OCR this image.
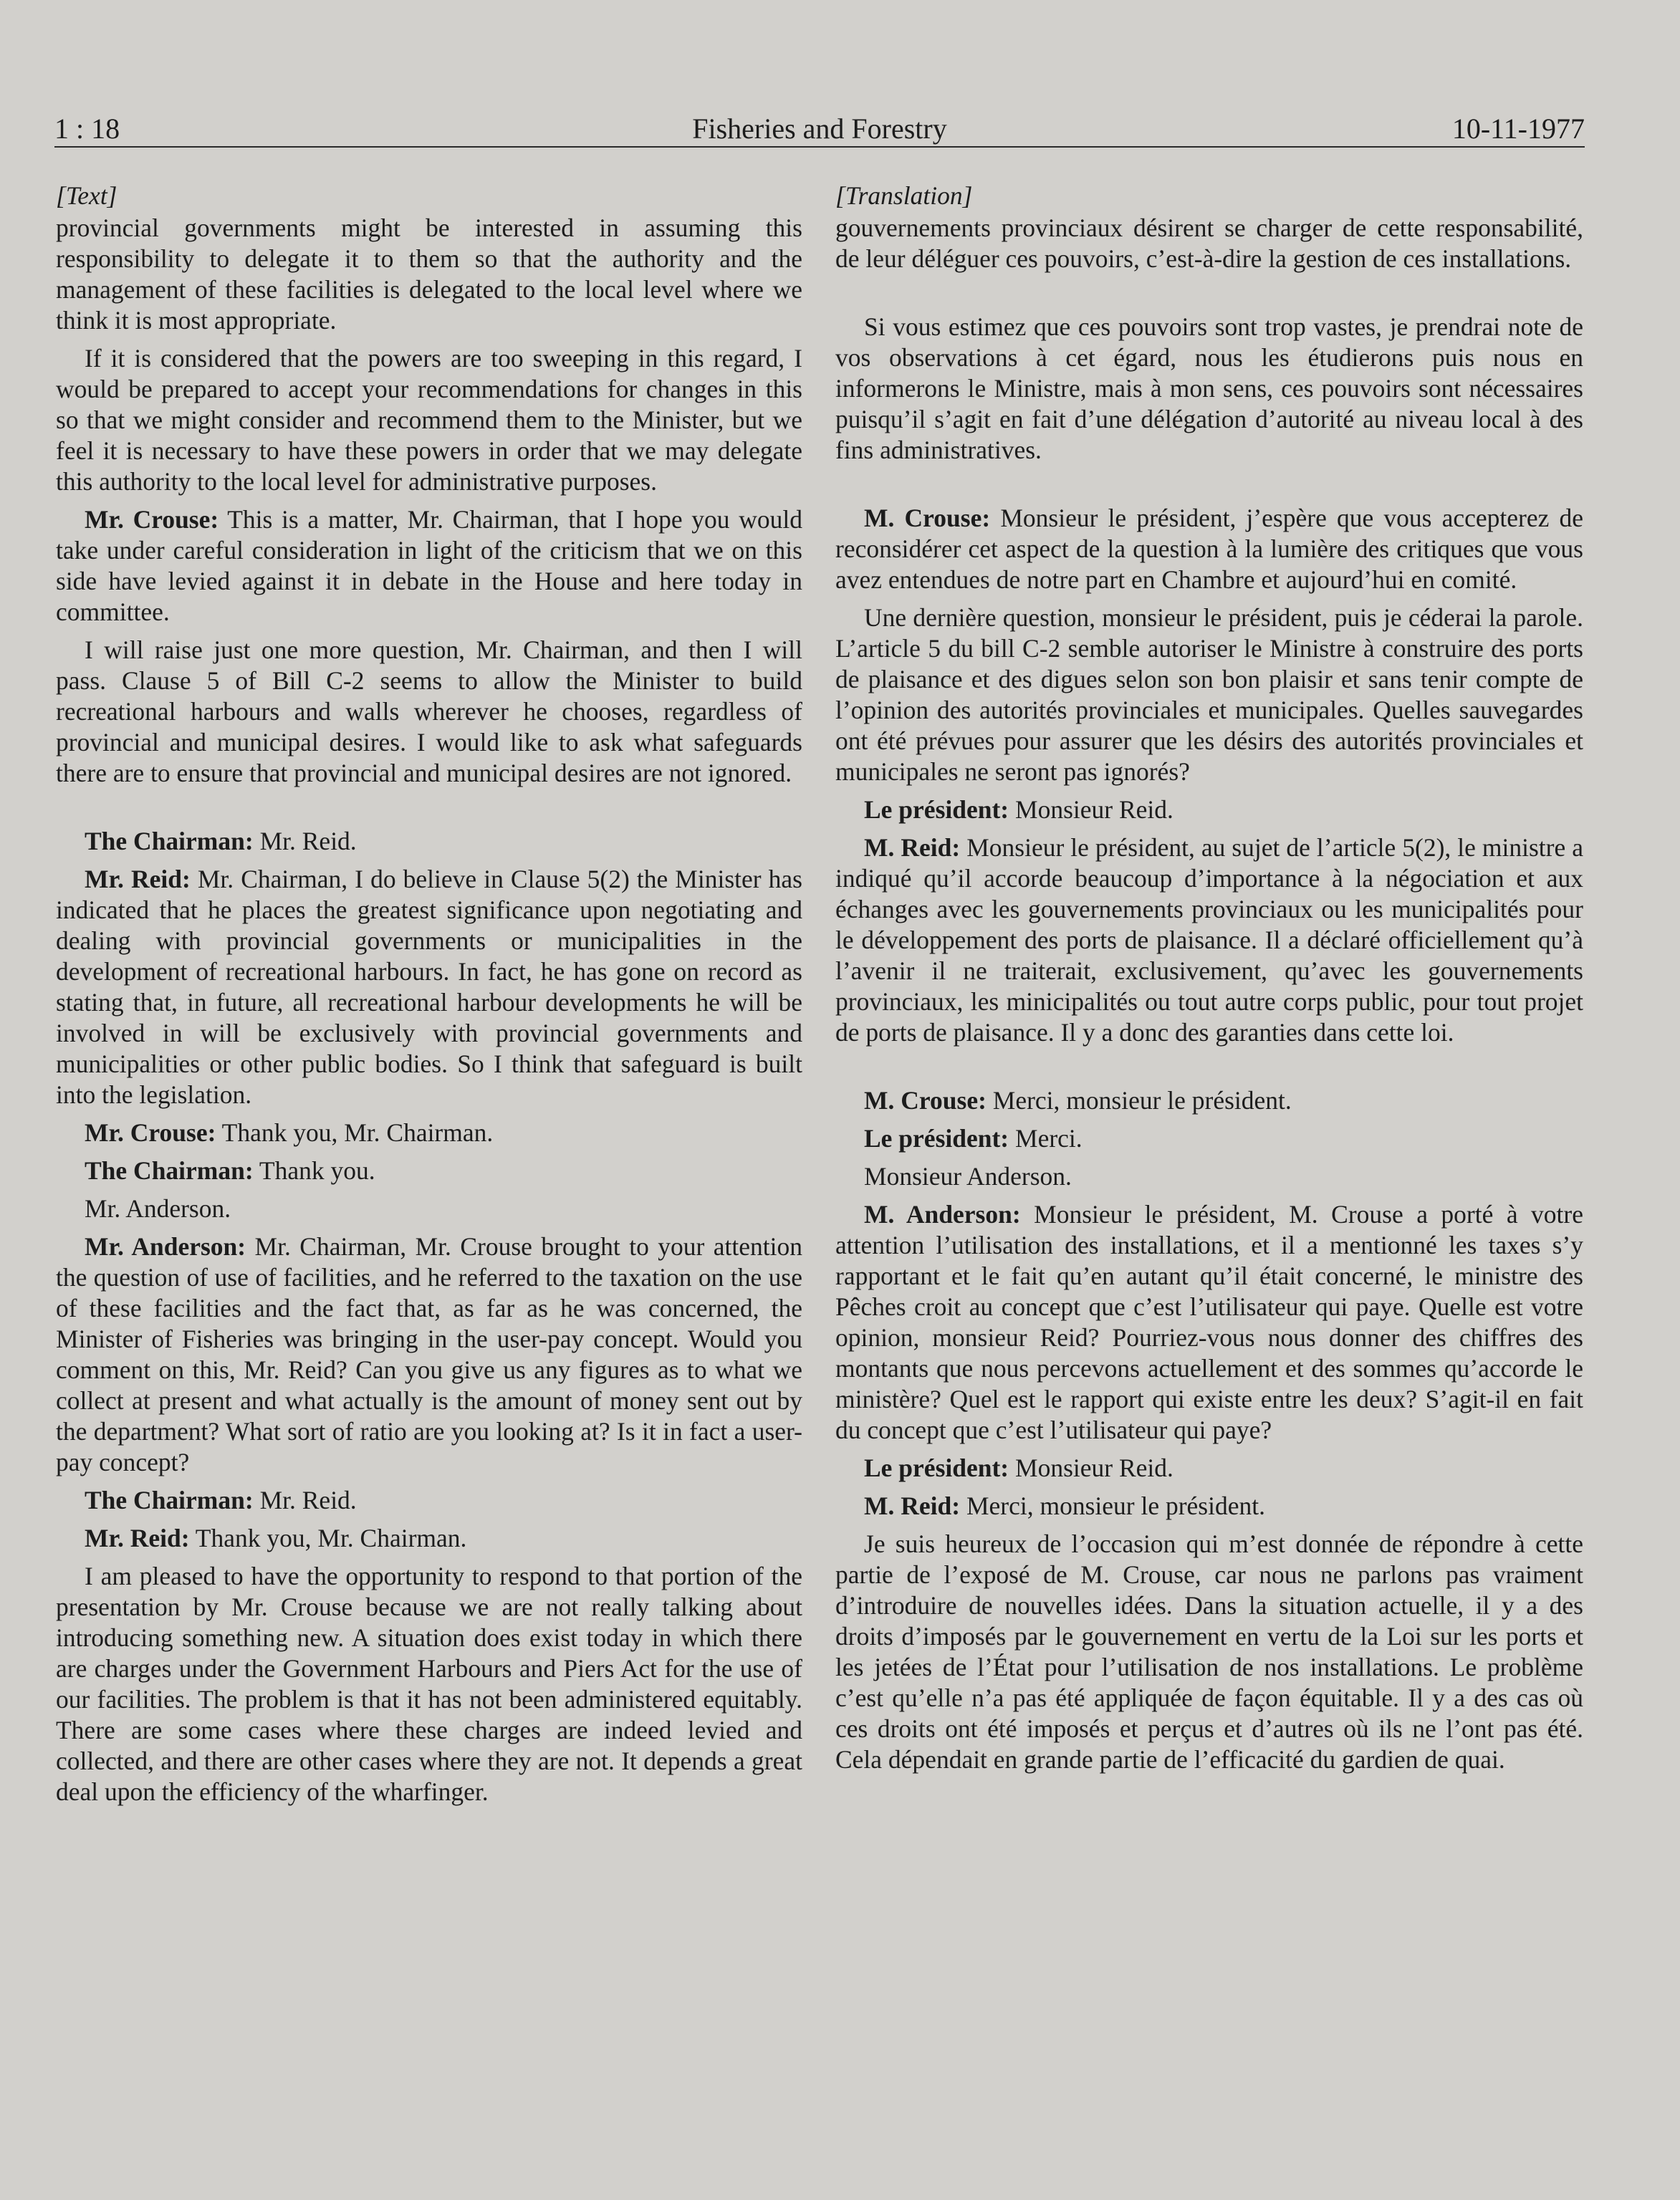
1 : 18	Fisheries and Forestry	10-11-1977

[Text]

provincial governments might be interested in assuming this responsibility to delegate it to them so that the authority and the management of these facilities is delegated to the local level where we think it is most appropriate.

If it is considered that the powers are too sweeping in this regard, I would be prepared to accept your recommendations for changes in this so that we might consider and recommend them to the Minister, but we feel it is necessary to have these powers in order that we may delegate this authority to the local level for administrative purposes.

Mr. Crouse: This is a matter, Mr. Chairman, that I hope you would take under careful consideration in light of the criticism that we on this side have levied against it in debate in the House and here today in committee.

I will raise just one more question, Mr. Chairman, and then I will pass. Clause 5 of Bill C-2 seems to allow the Minister to build recreational harbours and walls wherever he chooses, regardless of provincial and municipal desires. I would like to ask what safeguards there are to ensure that provincial and municipal desires are not ignored.

The Chairman: Mr. Reid.

Mr. Reid: Mr. Chairman, I do believe in Clause 5(2) the Minister has indicated that he places the greatest significance upon negotiating and dealing with provincial governments or municipalities in the development of recreational harbours. In fact, he has gone on record as stating that, in future, all recreational harbour developments he will be involved in will be exclusively with provincial governments and municipalities or other public bodies. So I think that safeguard is built into the legislation.

Mr. Crouse: Thank you, Mr. Chairman.

The Chairman: Thank you.

Mr. Anderson.

Mr. Anderson: Mr. Chairman, Mr. Crouse brought to your attention the question of use of facilities, and he referred to the taxation on the use of these facilities and the fact that, as far as he was concerned, the Minister of Fisheries was bringing in the user-pay concept. Would you comment on this, Mr. Reid? Can you give us any figures as to what we collect at present and what actually is the amount of money sent out by the department? What sort of ratio are you looking at? Is it in fact a user-pay concept?

The Chairman: Mr. Reid.

Mr. Reid: Thank you, Mr. Chairman.

I am pleased to have the opportunity to respond to that portion of the presentation by Mr. Crouse because we are not really talking about introducing something new. A situation does exist today in which there are charges under the Government Harbours and Piers Act for the use of our facilities. The problem is that it has not been administered equitably. There are some cases where these charges are indeed levied and collected, and there are other cases where they are not. It depends a great deal upon the efficiency of the wharfinger.

[Translation]

gouvernements provinciaux désirent se charger de cette responsabilité, de leur déléguer ces pouvoirs, c’est-à-dire la gestion de ces installations.

Si vous estimez que ces pouvoirs sont trop vastes, je prendrai note de vos observations à cet égard, nous les étudierons puis nous en informerons le Ministre, mais à mon sens, ces pouvoirs sont nécessaires puisqu’il s’agit en fait d’une délégation d’autorité au niveau local à des fins administratives.

M. Crouse: Monsieur le président, j’espère que vous accepterez de reconsidérer cet aspect de la question à la lumière des critiques que vous avez entendues de notre part en Chambre et aujourd’hui en comité.

Une dernière question, monsieur le président, puis je céderai la parole. L’article 5 du bill C-2 semble autoriser le Ministre à construire des ports de plaisance et des digues selon son bon plaisir et sans tenir compte de l’opinion des autorités provinciales et municipales. Quelles sauvegardes ont été prévues pour assurer que les désirs des autorités provinciales et municipales ne seront pas ignorés?

Le président: Monsieur Reid.

M. Reid: Monsieur le président, au sujet de l’article 5(2), le ministre a indiqué qu’il accorde beaucoup d’importance à la négociation et aux échanges avec les gouvernements provinciaux ou les municipalités pour le développement des ports de plaisance. Il a déclaré officiellement qu’à l’avenir il ne traiterait, exclusivement, qu’avec les gouvernements provinciaux, les minicipalités ou tout autre corps public, pour tout projet de ports de plaisance. Il y a donc des garanties dans cette loi.

M. Crouse: Merci, monsieur le président.

Le président: Merci.

Monsieur Anderson.

M. Anderson: Monsieur le président, M. Crouse a porté à votre attention l’utilisation des installations, et il a mentionné les taxes s’y rapportant et le fait qu’en autant qu’il était concerné, le ministre des Pêches croit au concept que c’est l’utilisateur qui paye. Quelle est votre opinion, monsieur Reid? Pourriez-vous nous donner des chiffres des montants que nous percevons actuellement et des sommes qu’accorde le ministère? Quel est le rapport qui existe entre les deux? S’agit-il en fait du concept que c’est l’utilisateur qui paye?

Le président: Monsieur Reid.

M. Reid: Merci, monsieur le président.

Je suis heureux de l’occasion qui m’est donnée de répondre à cette partie de l’exposé de M. Crouse, car nous ne parlons pas vraiment d’introduire de nouvelles idées. Dans la situation actuelle, il y a des droits d’imposés par le gouvernement en vertu de la Loi sur les ports et les jetées de l’État pour l’utilisation de nos installations. Le problème c’est qu’elle n’a pas été appliquée de façon équitable. Il y a des cas où ces droits ont été imposés et perçus et d’autres où ils ne l’ont pas été. Cela dépendait en grande partie de l’efficacité du gardien de quai.
